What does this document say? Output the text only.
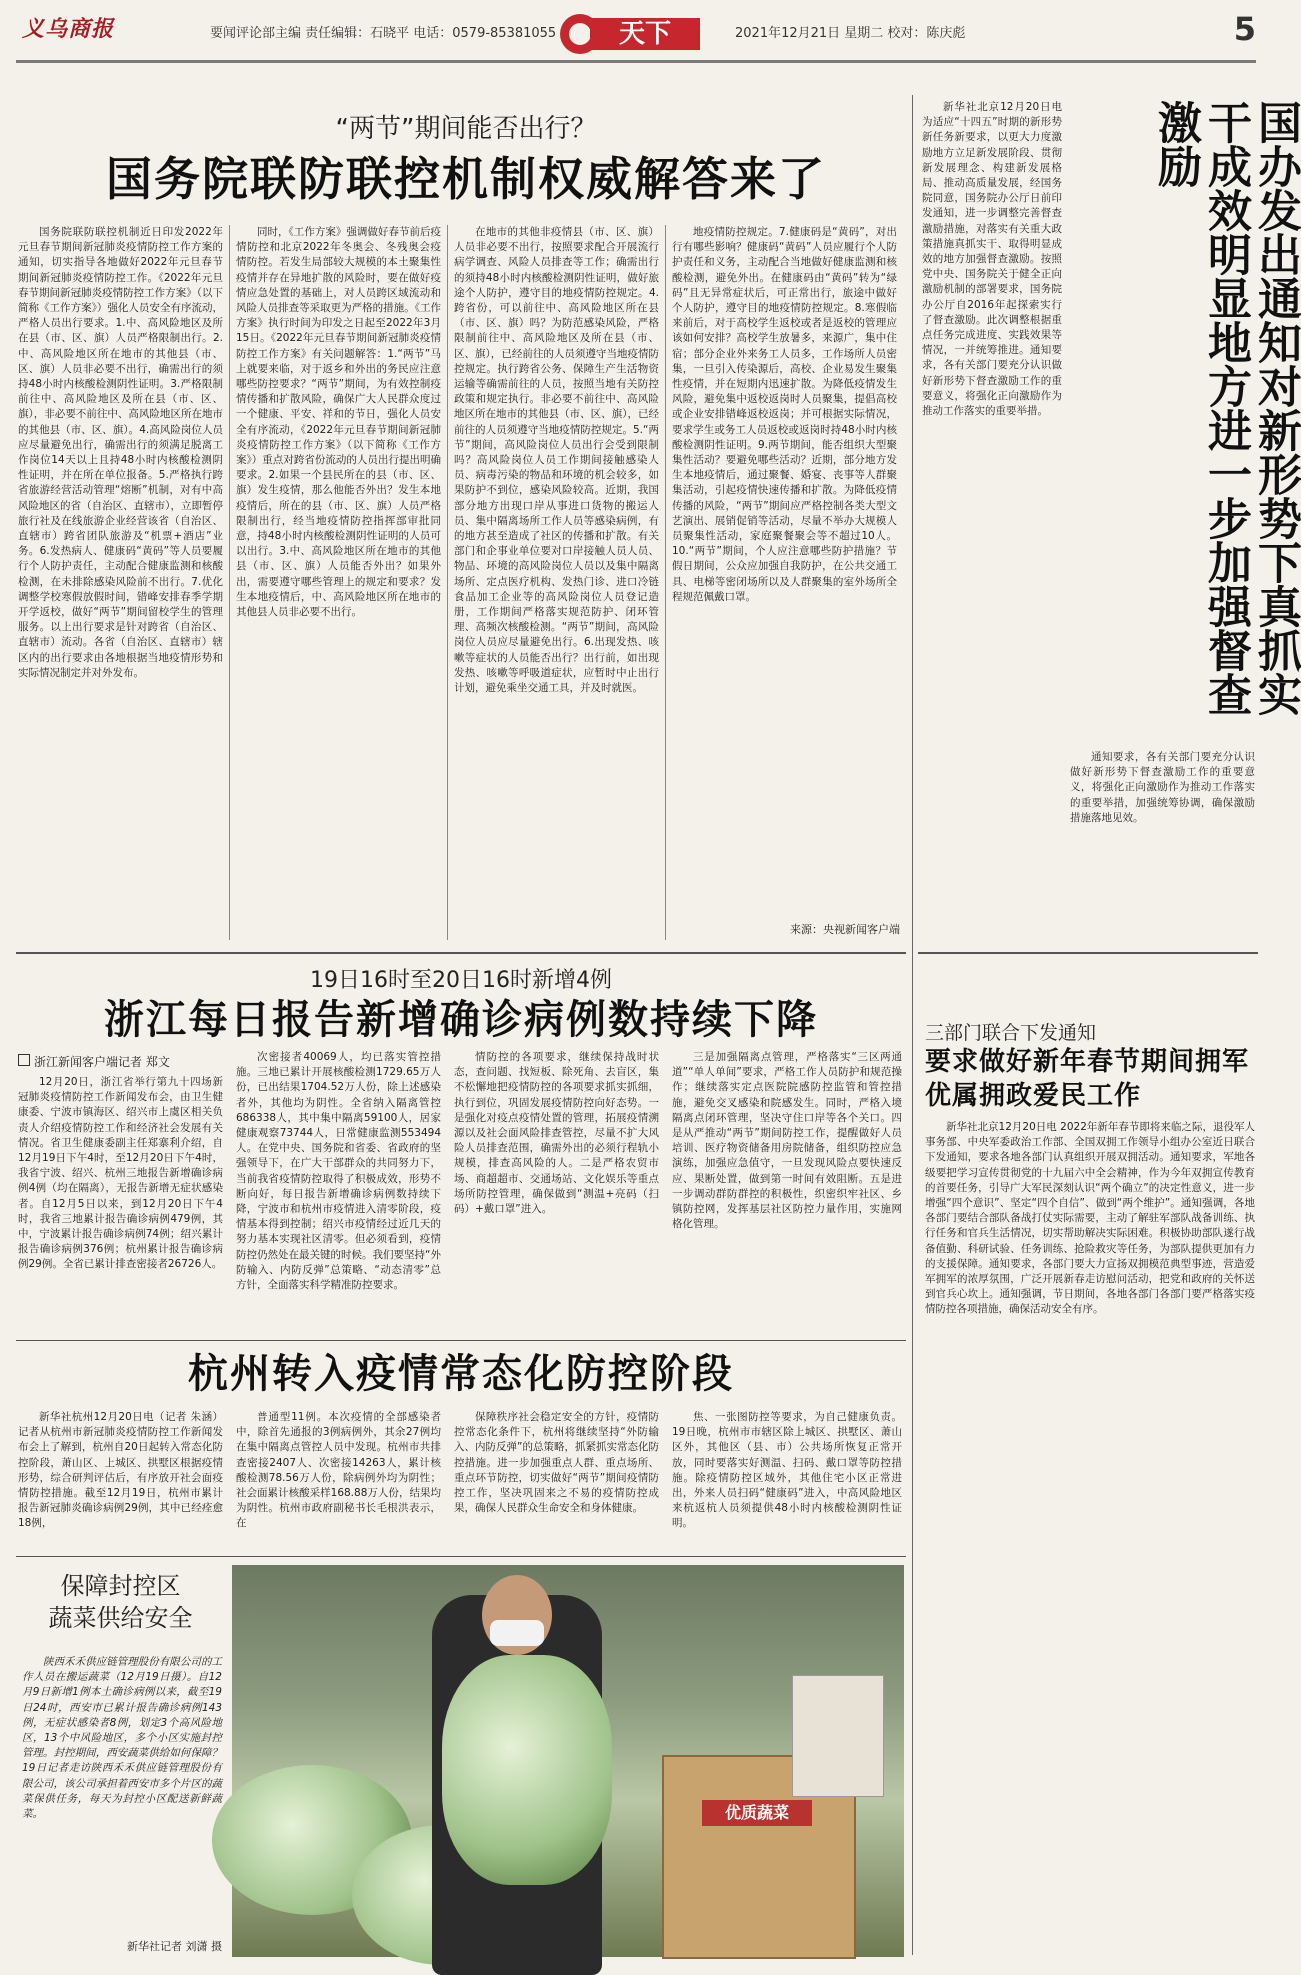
义乌商报	要闻评论部主编 责任编辑：石晓平 电话：0579-85381055	天下	2021年12月21日 星期二 校对：陈庆彪	5
“两节”期间能否出行？
国务院联防联控机制权威解答来了

国务院联防联控机制近日印发2022年元旦春节期间新冠肺炎疫情防控工作方案的通知，切实指导各地做好2022年元旦春节期间新冠肺炎疫情防控工作。《2022年元旦春节期间新冠肺炎疫情防控工作方案》（以下简称《工作方案》）强化人员安全有序流动，严格人员出行要求。1.中、高风险地区及所在县（市、区、旗）人员严格限制出行。2.中、高风险地区所在地市的其他县（市、区、旗）人员非必要不出行，确需出行的须持48小时内核酸检测阴性证明。3.严格限制前往中、高风险地区及所在县（市、区、旗），非必要不前往中、高风险地区所在地市的其他县（市、区、旗）。4.高风险岗位人员应尽量避免出行，确需出行的须满足脱离工作岗位14天以上且持48小时内核酸检测阴性证明，并在所在单位报备。5.严格执行跨省旅游经营活动管理“熔断”机制，对有中高风险地区的省（自治区、直辖市），立即暂停旅行社及在线旅游企业经营该省（自治区、直辖市）跨省团队旅游及“机票+酒店”业务。6.发热病人、健康码“黄码”等人员要履行个人防护责任，主动配合健康监测和核酸检测，在未排除感染风险前不出行。7.优化调整学校寒假放假时间，错峰安排春季学期开学返校，做好“两节”期间留校学生的管理服务。以上出行要求是针对跨省（自治区、直辖市）流动。各省（自治区、直辖市）辖区内的出行要求由各地根据当地疫情形势和实际情况制定并对外发布。

同时，《工作方案》强调做好春节前后疫情防控和北京2022年冬奥会、冬残奥会疫情防控。若发生局部较大规模的本土聚集性疫情并存在异地扩散的风险时，要在做好疫情应急处置的基础上，对人员跨区域流动和风险人员排查等采取更为严格的措施。《工作方案》执行时间为印发之日起至2022年3月15日。《2022年元旦春节期间新冠肺炎疫情防控工作方案》有关问题解答：1.“两节”马上就要来临，对于返乡和外出的务民应注意哪些防控要求？“两节”期间，为有效控制疫情传播和扩散风险，确保广大人民群众度过一个健康、平安、祥和的节日，强化人员安全有序流动，《2022年元旦春节期间新冠肺炎疫情防控工作方案》（以下简称《工作方案》）重点对跨省份流动的人员出行提出明确要求。2.如果一个县民所在的县（市、区、旗）发生疫情，那么他能否外出？发生本地疫情后，所在的县（市、区、旗）人员严格限制出行，经当地疫情防控指挥部审批同意，持48小时内核酸检测阴性证明的人员可以出行。3.中、高风险地区所在地市的其他县（市、区、旗）人员能否外出？如果外出，需要遵守哪些管理上的规定和要求？发生本地疫情后，中、高风险地区所在地市的其他县人员非必要不出行。

在地市的其他非疫情县（市、区、旗）人员非必要不出行，按照要求配合开展流行病学调查、风险人员排查等工作；确需出行的须持48小时内核酸检测阴性证明，做好旅途个人防护，遵守目的地疫情防控规定。4.跨省份，可以前往中、高风险地区所在县（市、区、旗）吗？为防范感染风险，严格限制前往中、高风险地区及所在县（市、区、旗），已经前往的人员须遵守当地疫情防控规定。执行跨省公务、保障生产生活物资运输等确需前往的人员，按照当地有关防控政策和规定执行。非必要不前往中、高风险地区所在地市的其他县（市、区、旗），已经前往的人员须遵守当地疫情防控规定。5.“两节”期间，高风险岗位人员出行会受到限制吗？高风险岗位人员工作期间接触感染人员、病毒污染的物品和环境的机会较多，如果防护不到位，感染风险较高。近期，我国部分地方出现口岸从事进口货物的搬运人员、集中隔离场所工作人员等感染病例，有的地方甚至造成了社区的传播和扩散。有关部门和企事业单位要对口岸接触人员人员、物品、环境的高风险岗位人员以及集中隔离场所、定点医疗机构、发热门诊、进口冷链食品加工企业等的高风险岗位人员登记造册，工作期间严格落实规范防护、闭环管理、高频次核酸检测。“两节”期间，高风险岗位人员应尽量避免出行。6.出现发热、咳嗽等症状的人员能否出行？出行前，如出现发热、咳嗽等呼吸道症状，应暂时中止出行计划，避免乘坐交通工具，并及时就医。

地疫情防控规定。7.健康码是“黄码”，对出行有哪些影响？健康码“黄码”人员应履行个人防护责任和义务，主动配合当地做好健康监测和核酸检测，避免外出。在健康码由“黄码”转为“绿码”且无异常症状后，可正常出行，旅途中做好个人防护，遵守目的地疫情防控规定。8.寒假临来前后，对于高校学生返校或者是返校的管理应该如何安排？高校学生放暑多，来源广，集中住宿；部分企业外来务工人员多，工作场所人员密集，一旦引入传染源后，高校、企业易发生聚集性疫情，并在短期内迅速扩散。为降低疫情发生风险，避免集中返校返岗时人员聚集，提倡高校或企业安排错峰返校返岗；并可根据实际情况，要求学生或务工人员返校或返岗时持48小时内核酸检测阴性证明。9.两节期间，能否组织大型聚集性活动？要避免哪些活动？近期，部分地方发生本地疫情后，通过聚餐、婚宴、丧事等人群聚集活动，引起疫情快速传播和扩散。为降低疫情传播的风险，“两节”期间应严格控制各类大型文艺演出、展销促销等活动，尽量不举办大规模人员聚集性活动，家庭聚餐聚会等不超过10人。10.“两节”期间，个人应注意哪些防护措施？节假日期间，公众应加强自我防护，在公共交通工具、电梯等密闭场所以及人群聚集的室外场所全程规范佩戴口罩。

来源：央视新闻客户端
国办发出通知对新形势下真抓实干成效明显地方进一步加强督查激励

新华社北京12月20日电 为适应“十四五”时期的新形势新任务新要求，以更大力度激励地方立足新发展阶段、贯彻新发展理念、构建新发展格局、推动高质量发展，经国务院同意，国务院办公厅日前印发通知，进一步调整完善督查激励措施，对落实有关重大政策措施真抓实干、取得明显成效的地方加强督查激励。按照党中央、国务院关于健全正向激励机制的部署要求，国务院办公厅自2016年起探索实行了督查激励。此次调整根据重点任务完成进度、实践效果等情况，一并统筹推进。通知要求，各有关部门要充分认识做好新形势下督查激励工作的重要意义，将强化正向激励作为推动工作落实的重要举措。

通知要求，各有关部门要充分认识做好新形势下督查激励工作的重要意义，将强化正向激励作为推动工作落实的重要举措，加强统筹协调，确保激励措施落地见效。

19日16时至20日16时新增4例
浙江每日报告新增确诊病例数持续下降
浙江新闻客户端记者 郑文

12月20日，浙江省举行第九十四场新冠肺炎疫情防控工作新闻发布会，由卫生健康委、宁波市镇海区、绍兴市上虞区相关负责人介绍疫情防控工作和经济社会发展有关情况。省卫生健康委副主任郑寨利介绍，自12月19日下午4时，至12月20日下午4时，我省宁波、绍兴、杭州三地报告新增确诊病例4例（均在隔离），无报告新增无症状感染者。自12月5日以来，到12月20日下午4时，我省三地累计报告确诊病例479例，其中，宁波累计报告确诊病例74例；绍兴累计报告确诊病例376例；杭州累计报告确诊病例29例。全省已累计排查密接者26726人。

次密接者40069人，均已落实管控措施。三地已累计开展核酸检测1729.65万人份，已出结果1704.52万人份，除上述感染者外，其他均为阴性。全省纳入隔离管控686338人，其中集中隔离59100人，居家健康观察73744人，日常健康监测553494人。在党中央、国务院和省委、省政府的坚强领导下，在广大干部群众的共同努力下，当前我省疫情防控取得了积极成效，形势不断向好，每日报告新增确诊病例数持续下降，宁波市和杭州市疫情进入清零阶段，疫情基本得到控制；绍兴市疫情经过近几天的努力基本实现社区清零。但必须看到，疫情防控仍然处在最关键的时候。我们要坚持“外防输入、内防反弹”总策略、“动态清零”总方针，全面落实科学精准防控要求。

情防控的各项要求，继续保持战时状态，查问题、找短板、除死角、去盲区，集不松懈地把疫情防控的各项要求抓实抓细，执行到位，巩固发展疫情防控向好态势。一是强化对疫点疫情处置的管理，拓展疫情溯源以及社会面风险排查管控，尽量不扩大风险人员排查范围，确需外出的必须行程轨小规模，排查高风险的人。二是严格农贸市场、商超超市、交通场站、文化娱乐等重点场所防控管理，确保做到“测温+亮码（扫码）+戴口罩”进入。

三是加强隔离点管理，严格落实“三区两通道”“单人单间”要求，严格工作人员防护和规范操作；继续落实定点医院院感防控监管和管控措施，避免交叉感染和院感发生。同时，严格入境隔离点闭环管理，坚决守住口岸等各个关口。四是从严推动“两节”期间防控工作，提醒做好人员培训、医疗物资储备用房院储备，组织防控应急演练，加强应急值守，一旦发现风险点要快速反应、果断处置，做到第一时间有效阻断。五是进一步调动群防群控的积极性，织密织牢社区、乡镇防控网，发挥基层社区防控力量作用，实施网格化管理。

三部门联合下发通知
要求做好新年春节期间拥军优属拥政爱民工作

新华社北京12月20日电 2022年新年春节即将来临之际，退役军人事务部、中央军委政治工作部、全国双拥工作领导小组办公室近日联合下发通知，要求各地各部门认真组织开展双拥活动。通知要求，军地各级要把学习宣传贯彻党的十九届六中全会精神，作为今年双拥宣传教育的首要任务，引导广大军民深刻认识“两个确立”的决定性意义，进一步增强“四个意识”、坚定“四个自信”、做到“两个维护”。通知强调，各地各部门要结合部队备战打仗实际需要，主动了解驻军部队战备训练、执行任务和官兵生活情况，切实帮助解决实际困难。积极协助部队遂行战备值勤、科研试验、任务训练、抢险救灾等任务，为部队提供更加有力的支援保障。通知要求，各部门要大力宣扬双拥模范典型事迹，营造爱军拥军的浓厚氛围，广泛开展新春走访慰问活动，把党和政府的关怀送到官兵心坎上。通知强调，节日期间，各地各部门各部门要严格落实疫情防控各项措施，确保活动安全有序。

杭州转入疫情常态化防控阶段

新华社杭州12月20日电（记者 朱涵）记者从杭州市新冠肺炎疫情防控工作新闻发布会上了解到，杭州自20日起转入常态化防控阶段，萧山区、上城区、拱墅区根据疫情形势，综合研判评估后，有序放开社会面疫情防控措施。截至12月19日，杭州市累计报告新冠肺炎确诊病例29例，其中已经痊愈18例，

普通型11例。本次疫情的全部感染者中，除首先通报的3例病例外，其余27例均在集中隔离点管控人员中发现。杭州市共排查密接2407人、次密接14263人，累计核酸检测78.56万人份，除病例外均为阴性；社会面累计核酸采样168.88万人份，结果均为阴性。杭州市政府副秘书长毛根洪表示，在

保障秩序社会稳定安全的方针，疫情防控常态化条件下，杭州将继续坚持“外防输入、内防反弹”的总策略，抓紧抓实常态化防控措施。进一步加强重点人群、重点场所、重点环节防控，切实做好“两节”期间疫情防控工作，坚决巩固来之不易的疫情防控成果，确保人民群众生命安全和身体健康。

焦、一张图防控等要求，为自己健康负责。19日晚，杭州市市辖区除上城区、拱墅区、萧山区外，其他区（县、市）公共场所恢复正常开放，同时要落实好测温、扫码、戴口罩等防控措施。除疫情防控区域外，其他住宅小区正常进出，外来人员扫码“健康码”进入，中高风险地区来杭返杭人员须提供48小时内核酸检测阴性证明。

保障封控区
蔬菜供给安全

陕西禾禾供应链管理股份有限公司的工作人员在搬运蔬菜（12月19日摄）。自12月9日新增1例本土确诊病例以来，截至19日24时，西安市已累计报告确诊病例143例，无症状感染者8例，划定3个高风险地区，13个中风险地区，多个小区实施封控管理。封控期间，西安蔬菜供给如何保障？19日记者走访陕西禾禾供应链管理股份有限公司，该公司承担着西安市多个片区的蔬菜保供任务，每天为封控小区配送新鲜蔬菜。

新华社记者 刘潇 摄
优质蔬菜
